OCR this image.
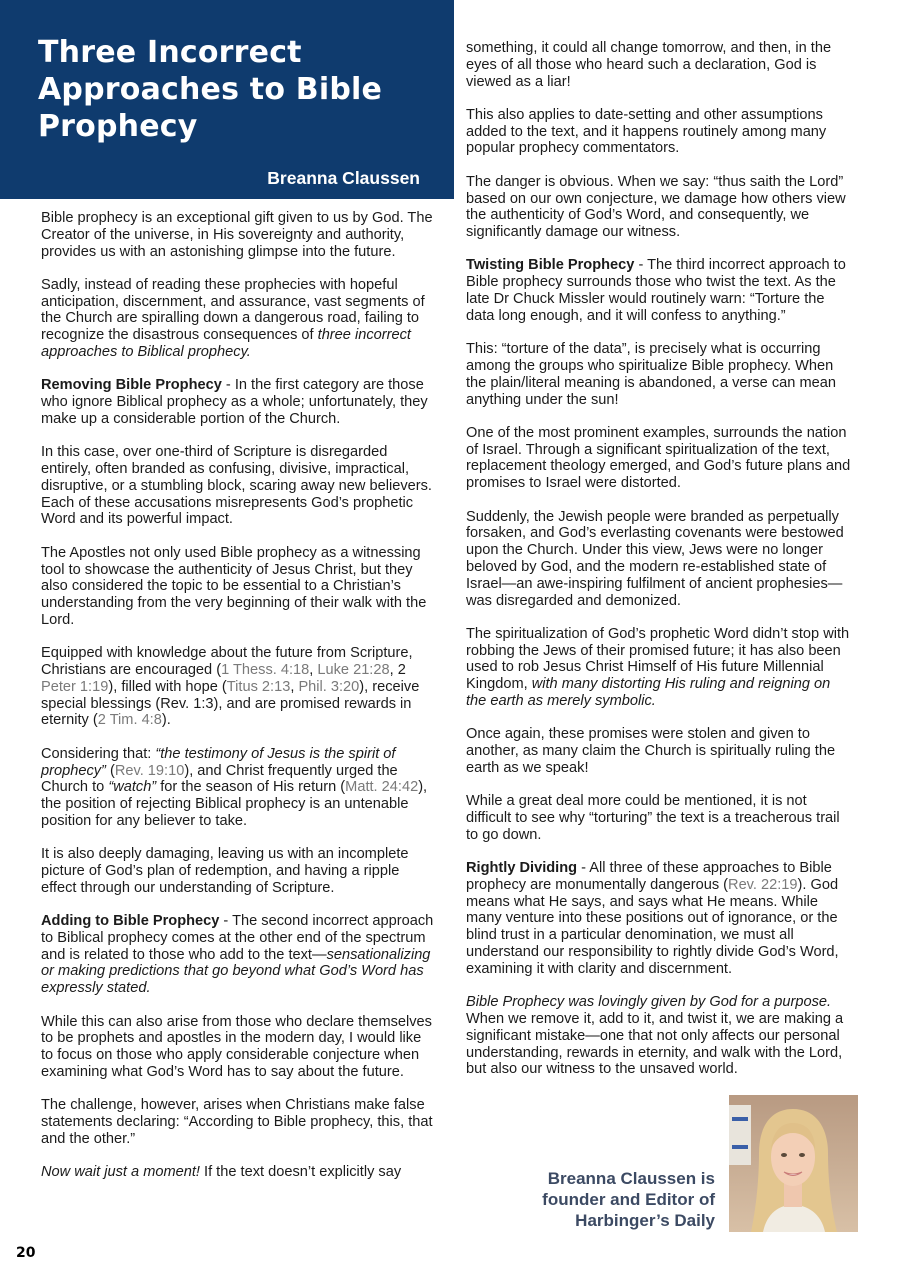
Three Incorrect Approaches to Bible Prophecy
Breanna Claussen

Bible prophecy is an exceptional gift given to us by God. The Creator of the universe, in His sovereignty and authority, provides us with an astonishing glimpse into the future.

Sadly, instead of reading these prophecies with hopeful anticipation, discernment, and assurance, vast segments of the Church are spiralling down a dangerous road, failing to recognize the disastrous consequences of three incorrect approaches to Biblical prophecy.

Removing Bible Prophecy - In the first category are those who ignore Biblical prophecy as a whole; unfortunately, they make up a considerable portion of the Church.

In this case, over one-third of Scripture is disregarded entirely, often branded as confusing, divisive, impractical, disruptive, or a stumbling block, scaring away new believers. Each of these accusations misrepresents God’s prophetic Word and its powerful impact.

The Apostles not only used Bible prophecy as a witnessing tool to showcase the authenticity of Jesus Christ, but they also considered the topic to be essential to a Christian’s understanding from the very beginning of their walk with the Lord.

Equipped with knowledge about the future from Scripture, Christians are encouraged (1 Thess. 4:18, Luke 21:28, 2 Peter 1:19), filled with hope (Titus 2:13, Phil. 3:20), receive special blessings (Rev. 1:3), and are promised rewards in eternity (2 Tim. 4:8).

Considering that: “the testimony of Jesus is the spirit of prophecy” (Rev. 19:10), and Christ frequently urged the Church to “watch” for the season of His return (Matt. 24:42), the position of rejecting Biblical prophecy is an untenable position for any believer to take.

It is also deeply damaging, leaving us with an incomplete picture of God’s plan of redemption, and having a ripple effect through our understanding of Scripture.

Adding to Bible Prophecy - The second incorrect approach to Biblical prophecy comes at the other end of the spectrum and is related to those who add to the text—sensationalizing or making predictions that go beyond what God’s Word has expressly stated.

While this can also arise from those who declare themselves to be prophets and apostles in the modern day, I would like to focus on those who apply considerable conjecture when examining what God’s Word has to say about the future.

The challenge, however, arises when Christians make false statements declaring: “According to Bible prophecy, this, that and the other.”

Now wait just a moment! If the text doesn’t explicitly say

something, it could all change tomorrow, and then, in the eyes of all those who heard such a declaration, God is viewed as a liar!

This also applies to date-setting and other assumptions added to the text, and it happens routinely among many popular prophecy commentators.

The danger is obvious. When we say: “thus saith the Lord” based on our own conjecture, we damage how others view the authenticity of God’s Word, and consequently, we significantly damage our witness.

Twisting Bible Prophecy - The third incorrect approach to Bible prophecy surrounds those who twist the text. As the late Dr Chuck Missler would routinely warn: “Torture the data long enough, and it will confess to anything.”

This: “torture of the data”, is precisely what is occurring among the groups who spiritualize Bible prophecy. When the plain/literal meaning is abandoned, a verse can mean anything under the sun!

One of the most prominent examples, surrounds the nation of Israel. Through a significant spiritualization of the text, replacement theology emerged, and God’s future plans and promises to Israel were distorted.

Suddenly, the Jewish people were branded as perpetually forsaken, and God’s everlasting covenants were bestowed upon the Church. Under this view, Jews were no longer beloved by God, and the modern re-established state of Israel—an awe-inspiring fulfilment of ancient prophesies—was disregarded and demonized.

The spiritualization of God’s prophetic Word didn’t stop with robbing the Jews of their promised future; it has also been used to rob Jesus Christ Himself of His future Millennial Kingdom, with many distorting His ruling and reigning on the earth as merely symbolic.

Once again, these promises were stolen and given to another, as many claim the Church is spiritually ruling the earth as we speak!

While a great deal more could be mentioned, it is not difficult to see why “torturing” the text is a treacherous trail to go down.

Rightly Dividing - All three of these approaches to Bible prophecy are monumentally dangerous (Rev. 22:19). God means what He says, and says what He means. While many venture into these positions out of ignorance, or the blind trust in a particular denomination, we must all understand our responsibility to rightly divide God’s Word, examining it with clarity and discernment.

Bible Prophecy was lovingly given by God for a purpose. When we remove it, add to it, and twist it, we are making a significant mistake—one that not only affects our personal understanding, rewards in eternity, and walk with the Lord, but also our witness to the unsaved world.

Breanna Claussen is founder and Editor of Harbinger’s Daily
20
